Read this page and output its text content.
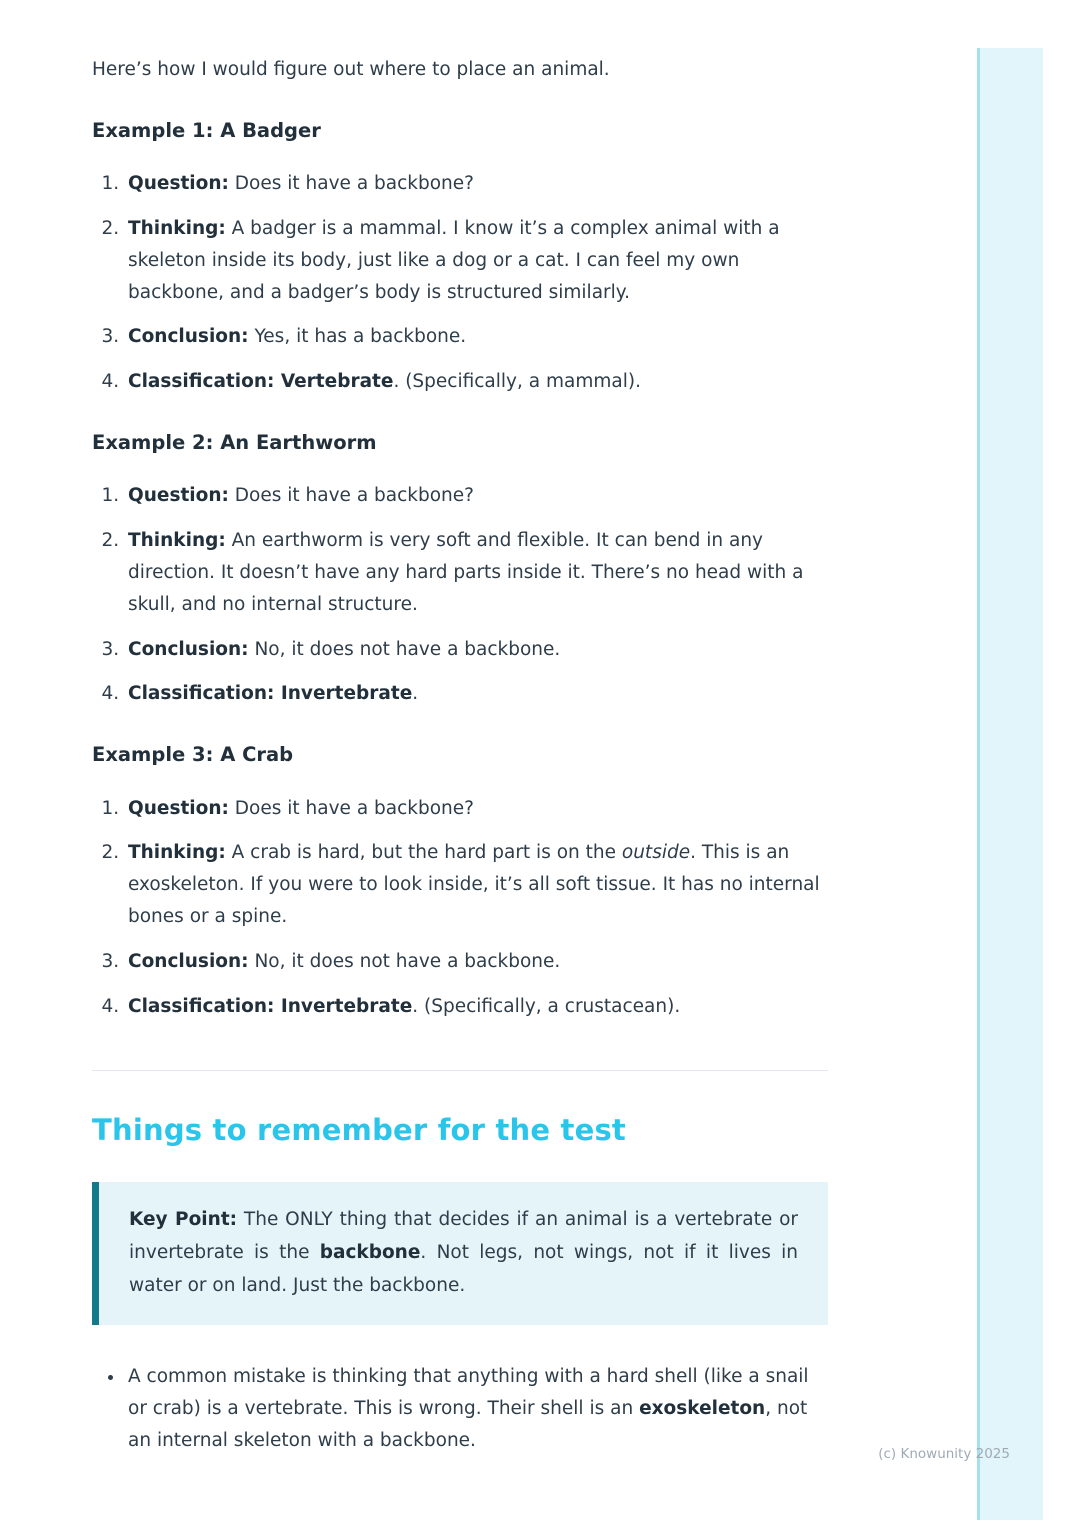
Here’s how I would figure out where to place an animal.

Example 1: A Badger
1. Question: Does it have a backbone?
2. Thinking: A badger is a mammal. I know it’s a complex animal with a skeleton inside its body, just like a dog or a cat. I can feel my own backbone, and a badger’s body is structured similarly.
3. Conclusion: Yes, it has a backbone.
4. Classification: Vertebrate. (Specifically, a mammal).
Example 2: An Earthworm
1. Question: Does it have a backbone?
2. Thinking: An earthworm is very soft and flexible. It can bend in any direction. It doesn’t have any hard parts inside it. There’s no head with a skull, and no internal structure.
3. Conclusion: No, it does not have a backbone.
4. Classification: Invertebrate.
Example 3: A Crab
1. Question: Does it have a backbone?
2. Thinking: A crab is hard, but the hard part is on the outside. This is an exoskeleton. If you were to look inside, it’s all soft tissue. It has no internal bones or a spine.
3. Conclusion: No, it does not have a backbone.
4. Classification: Invertebrate. (Specifically, a crustacean).
Things to remember for the test

Key Point: The ONLY thing that decides if an animal is a vertebrate or invertebrate is the backbone. Not legs, not wings, not if it lives in water or on land. Just the backbone.

• A common mistake is thinking that anything with a hard shell (like a snail or crab) is a vertebrate. This is wrong. Their shell is an exoskeleton, not an internal skeleton with a backbone.
(c) Knowunity 2025
